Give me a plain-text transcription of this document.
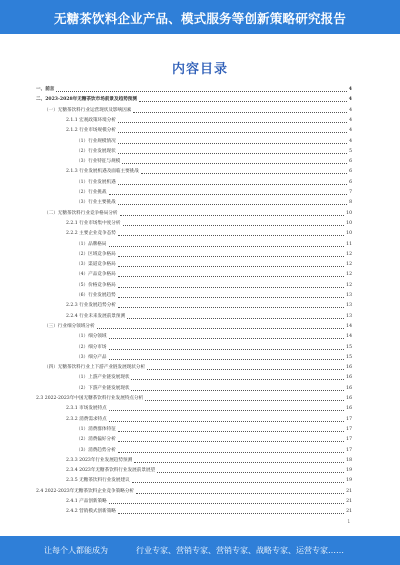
无糖茶饮料企业产品、模式服务等创新策略研究报告
内容目录
一、前言	4
二、2023-2028年无糖茶饮市场前景及趋势预测	4
（一）无糖茶饮料行业运营现状及影响因素	4
2.1.1 宏观政策环境分析	4
2.1.2 行业市场规模分析	4
（1）行业规模情况	4
（2）行业发展现状	5
（3）行业特征与规模	6
2.1.3 行业发展机遇及面临主要挑战	6
（1）行业发展机遇	6
（2）行业挑战	7
（3）行业主要挑战	8
（二）无糖茶饮料行业竞争格局分析	10
2.2.1 行业市场集中度分析	10
2.2.2 主要企业竞争态势	10
（1）品牌格局	11
（2）区域竞争格局	12
（3）渠道竞争格局	12
（4）产品竞争格局	12
（5）价格竞争格局	12
（6）行业发展趋势	13
2.2.3 行业发展趋势分析	13
2.2.4 行业未来发展前景预测	13
（三）行业细分领域分析	14
（1）细分领域	14
（2）细分市场	15
（3）细分产品	15
（四）无糖茶饮料行业上下游产业链发展现状分析	16
（1）上游产业链发展现状	16
（2）下游产业链发展现状	16
2.3 2022-2023年中国无糖茶饮料行业发展特点分析	16
2.3.1 市场发展特点	16
2.3.2 消费需求特点	17
（1）消费群体特征	17
（2）消费偏好分析	17
（3）消费趋势分析	17
2.3.3 2023年行业发展趋势预测	18
2.3.4 2023年无糖茶饮料行业发展前景展望	19
2.3.5 无糖茶饮料行业发展建议	19
2.4 2022-2023年无糖茶饮料企业竞争策略分析	21
2.4.1 产品创新策略	21
2.4.2 营销模式创新策略	21
1
让每个人都能成为	行业专家、营销专家、营销专家、战略专家、运营专家……
